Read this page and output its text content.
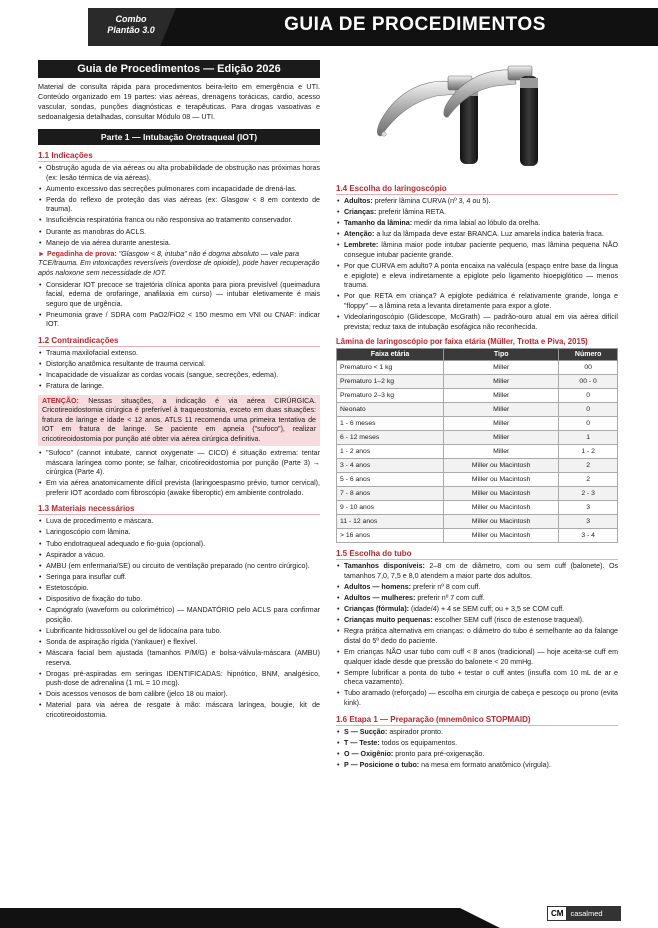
Combo
Plantão 3.0	GUIA DE PROCEDIMENTOS
Guia de Procedimentos — Edição 2026

Material de consulta rápida para procedimentos beira-leito em emergência e UTI. Conteúdo organizado em 19 partes: vias aéreas, drenagens torácicas, cardio, acesso vascular, sondas, punções diagnósticas e terapêuticas. Para drogas vasoativas e sedoanalgesia detalhadas, consultar Módulo 08 — UTI.

Parte 1 — Intubação Orotraqueal (IOT)
1.1 Indicações
• Obstrução aguda de via aéreas ou alta probabilidade de obstrução nas próximas horas (ex: lesão térmica de via aéreas).
• Aumento excessivo das secreções pulmonares com incapacidade de drená-las.
• Perda do reflexo de proteção das vias aéreas (ex: Glasgow < 8 em contexto de trauma).
• Insuficiência respiratória franca ou não responsiva ao tratamento conservador.
• Durante as manobras do ACLS.
• Manejo de via aérea durante anestesia.

► Pegadinha de prova: "Glasgow < 8, intuba" não é dogma absoluto — vale para TCE/trauma. Em intoxicações reversíveis (overdose de opioide), pode haver recuperação após naloxone sem necessidade de IOT.

• Considerar IOT precoce se trajetória clínica aponta para piora previsível (queimadura facial, edema de orofaringe, anafilaxia em curso) — intubar eletivamente é mais seguro que de urgência.
• Pneumonia grave / SDRA com PaO2/FiO2 < 150 mesmo em VNI ou CNAF: indicar IOT.
1.2 Contraindicações
• Trauma maxilofacial extenso.
• Distorção anatômica resultante de trauma cervical.
• Incapacidade de visualizar as cordas vocais (sangue, secreções, edema).
• Fratura de laringe.
ATENÇÃO: Nessas situações, a indicação é via aérea CIRÚRGICA. Cricotireoidostomia cirúrgica é preferível à traqueostomia, exceto em duas situações: fratura de laringe e idade < 12 anos. ATLS 11 recomenda uma primeira tentativa de IOT em fratura de laringe. Se paciente em apneia ("sufoco"), realizar cricotireoidostomia por punção até obter via aérea cirúrgica definitiva.
• "Sufoco" (cannot intubate, cannot oxygenate — CICO) é situação extrema: tentar máscara laríngea como ponte; se falhar, cricotireoidostomia por punção (Parte 3) → cirúrgica (Parte 4).
• Em via aérea anatomicamente difícil prevista (laringoespasmo prévio, tumor cervical), preferir IOT acordado com fibroscópio (awake fiberoptic) em ambiente controlado.
1.3 Materiais necessários
• Luva de procedimento e máscara.
• Laringoscópio com lâmina.
• Tubo endotraqueal adequado e fio-guia (opcional).
• Aspirador a vácuo.
• AMBU (em enfermaria/SE) ou circuito de ventilação preparado (no centro cirúrgico).
• Seringa para insuflar cuff.
• Estetoscópio.
• Dispositivo de fixação do tubo.
• Capnógrafo (waveform ou colorimétrico) — MANDATÓRIO pelo ACLS para confirmar posição.
• Lubrificante hidrossolúvel ou gel de lidocaína para tubo.
• Sonda de aspiração rígida (Yankauer) e flexível.
• Máscara facial bem ajustada (tamanhos P/M/G) e bolsa-válvula-máscara (AMBU) reserva.
• Drogas pré-aspiradas em seringas IDENTIFICADAS: hipnótico, BNM, analgésico, push-dose de adrenalina (1 mL = 10 mcg).
• Dois acessos venosos de bom calibre (jelco 18 ou maior).
• Material para via aérea de resgate à mão: máscara laríngea, bougie, kit de cricotireoidostomia.
1.4 Escolha do laringoscópio
• Adultos: preferir lâmina CURVA (nº 3, 4 ou 5).
• Crianças: preferir lâmina RETA.
• Tamanho da lâmina: medir da rima labial ao lóbulo da orelha.
• Atenção: a luz da lâmpada deve estar BRANCA. Luz amarela indica bateria fraca.
• Lembrete: lâmina maior pode intubar paciente pequeno, mas lâmina pequena NÃO consegue intubar paciente grande.
• Por que CURVA em adulto? A ponta encaixa na valécula (espaço entre base da língua e epiglote) e eleva indiretamente a epiglote pelo ligamento hioepiglótico — menos trauma.
• Por que RETA em criança? A epiglote pediátrica é relativamente grande, longa e "floppy" — a lâmina reta a levanta diretamente para expor a glote.
• Videolaringoscópio (Glidescope, McGrath) — padrão-ouro atual em via aérea difícil prevista; reduz taxa de intubação esofágica não reconhecida.
Lâmina de laringoscópio por faixa etária (Müller, Trotta e Piva, 2015)
Faixa etária	Tipo	Número
Prematuro < 1 kg	Miller	00
Prematuro 1–2 kg	Miller	00 - 0
Prematuro 2–3 kg	Miller	0
Neonato	Miller	0
1 - 6 meses	Miller	0
6 - 12 meses	Miller	1
1 - 2 anos	Miller	1 - 2
3 - 4 anos	Miller ou Macintosh	2
5 - 6 anos	Miller ou Macintosh	2
7 - 8 anos	Miller ou Macintosh	2 - 3
9 - 10 anos	Miller ou Macintosh	3
11 - 12 anos	Miller ou Macintosh	3
> 16 anos	Miller ou Macintosh	3 - 4
1.5 Escolha do tubo
• Tamanhos disponíveis: 2–8 cm de diâmetro, com ou sem cuff (balonete). Os tamanhos 7,0, 7,5 e 8,0 atendem a maior parte dos adultos.
• Adultos — homens: preferir nº 8 com cuff.
• Adultos — mulheres: preferir nº 7 com cuff.
• Crianças (fórmula): (idade/4) + 4 se SEM cuff; ou + 3,5 se COM cuff.
• Crianças muito pequenas: escolher SEM cuff (risco de estenose traqueal).
• Regra prática alternativa em crianças: o diâmetro do tubo é semelhante ao da falange distal do 5º dedo do paciente.
• Em crianças NÃO usar tubo com cuff < 8 anos (tradicional) — hoje aceita-se cuff em qualquer idade desde que pressão do balonete < 20 mmHg.
• Sempre lubrificar a ponta do tubo + testar o cuff antes (insufla com 10 mL de ar e checa vazamento).
• Tubo aramado (reforçado) — escolha em cirurgia de cabeça e pescoço ou prono (evita kink).
1.6 Etapa 1 — Preparação (mnemônico STOPMAID)
• S — Sucção: aspirador pronto.
• T — Teste: todos os equipamentos.
• O — Oxigênio: pronto para pré-oxigenação.
• P — Posicione o tubo: na mesa em formato anatômico (vírgula).
CM casalmed
